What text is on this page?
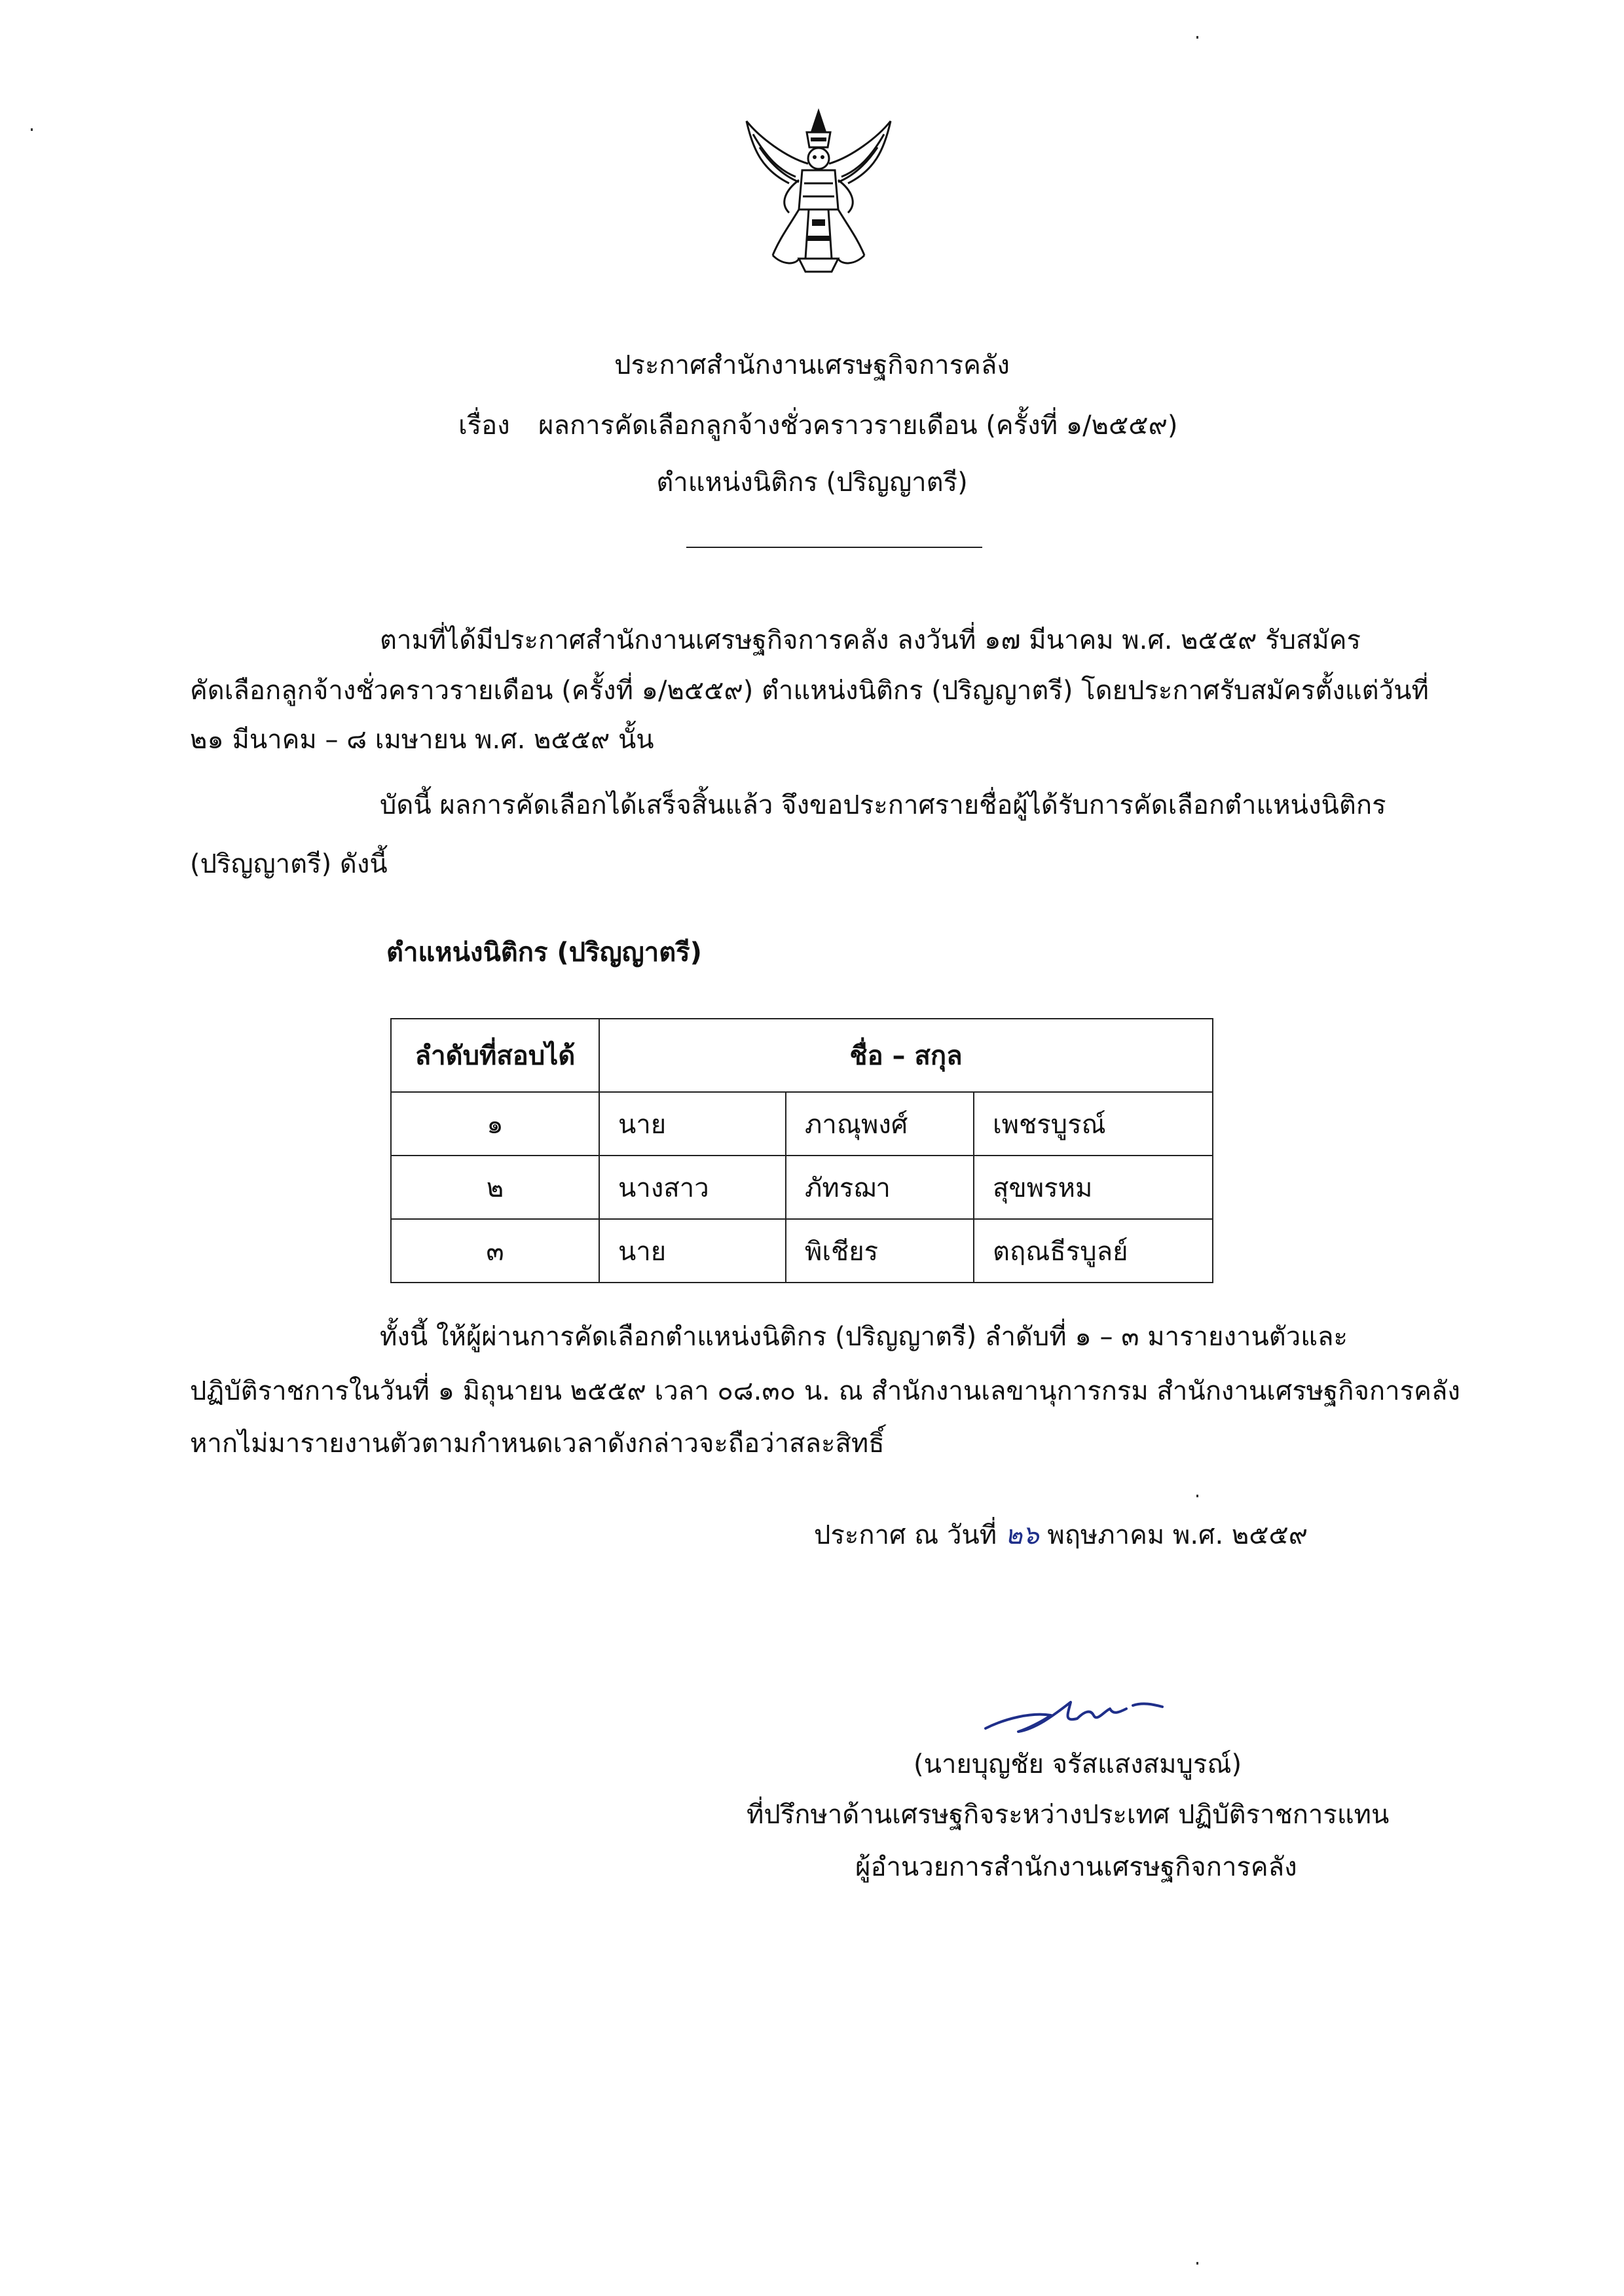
ประกาศสำนักงานเศรษฐกิจการคลัง
เรื่อง ผลการคัดเลือกลูกจ้างชั่วคราวรายเดือน (ครั้งที่ ๑/๒๕๕๙)
ตำแหน่งนิติกร (ปริญญาตรี)
ตามที่ได้มีประกาศสำนักงานเศรษฐกิจการคลัง ลงวันที่ ๑๗ มีนาคม พ.ศ. ๒๕๕๙ รับสมัคร
คัดเลือกลูกจ้างชั่วคราวรายเดือน (ครั้งที่ ๑/๒๕๕๙) ตำแหน่งนิติกร (ปริญญาตรี) โดยประกาศรับสมัครตั้งแต่วันที่
๒๑ มีนาคม – ๘ เมษายน พ.ศ. ๒๕๕๙ นั้น
บัดนี้ ผลการคัดเลือกได้เสร็จสิ้นแล้ว จึงขอประกาศรายชื่อผู้ได้รับการคัดเลือกตำแหน่งนิติกร
(ปริญญาตรี) ดังนี้
ตำแหน่งนิติกร (ปริญญาตรี)
ลำดับที่สอบได้	ชื่อ – สกุล		
๑	นาย	ภาณุพงศ์	เพชรบูรณ์
๒	นางสาว	ภัทรฌา	สุขพรหม
๓	นาย	พิเชียร	ตฤณธีรบูลย์
ทั้งนี้ ให้ผู้ผ่านการคัดเลือกตำแหน่งนิติกร (ปริญญาตรี) ลำดับที่ ๑ – ๓ มารายงานตัวและ
ปฏิบัติราชการในวันที่ ๑ มิถุนายน ๒๕๕๙ เวลา ๐๘.๓๐ น. ณ สำนักงานเลขานุการกรม สำนักงานเศรษฐกิจการคลัง
หากไม่มารายงานตัวตามกำหนดเวลาดังกล่าวจะถือว่าสละสิทธิ์
ประกาศ ณ วันที่ ๒๖ พฤษภาคม พ.ศ. ๒๕๕๙
(นายบุญชัย จรัสแสงสมบูรณ์)
ที่ปรึกษาด้านเศรษฐกิจระหว่างประเทศ ปฏิบัติราชการแทน
ผู้อำนวยการสำนักงานเศรษฐกิจการคลัง
